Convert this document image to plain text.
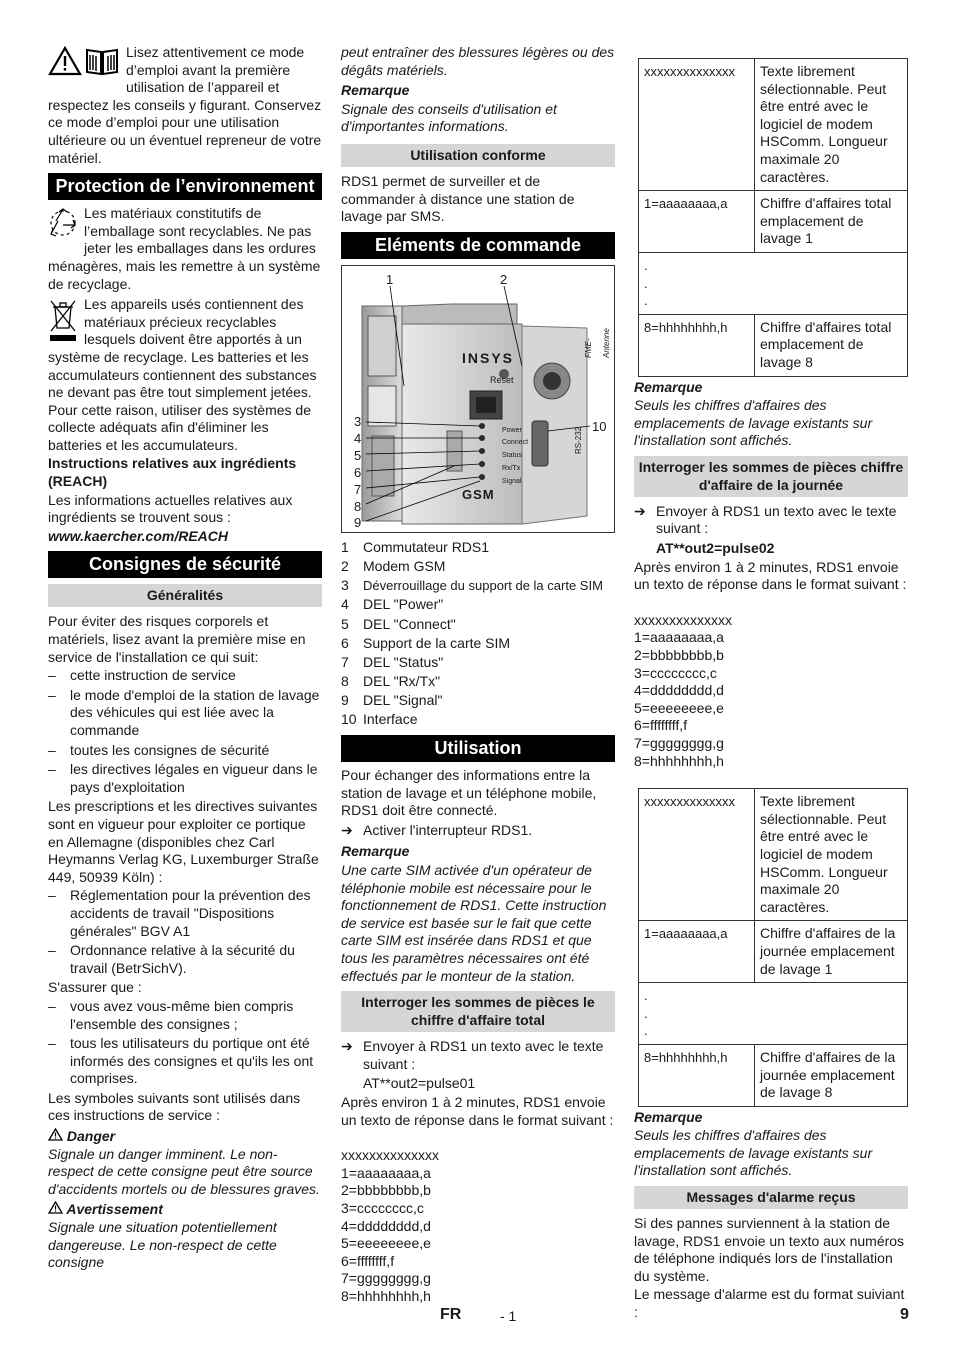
Lisez attentivement ce mode d’emploi avant la première utilisation de l’appareil et respectez les conseils y figurant. Conservez ce mode d’emploi pour une utilisation ultérieure ou un éventuel repreneur de votre matériel.

Protection de l’environnement

Les matériaux constitutifs de l’emballage sont recyclables. Ne pas jeter les emballages dans les ordures ménagères, mais les remettre à un système de recyclage.

Les appareils usés contiennent des matériaux précieux recyclables lesquels doivent être apportés à un système de recyclage. Les batteries et les accumulateurs contiennent des substances ne devant pas être tout simplement jetées. Pour cette raison, utiliser des systèmes de collecte adéquats afin d'éliminer les batteries et les accumulateurs.

Instructions relatives aux ingrédients (REACH)

Les informations actuelles relatives aux ingrédients se trouvent sous :

www.kaercher.com/REACH

Consignes de sécurité
Généralités

Pour éviter des risques corporels et matériels, lisez avant la première mise en service de l'installation ce qui suit:

– cette instruction de service
– le mode d'emploi de la station de lavage des véhicules qui est liée avec la commande
– toutes les consignes de sécurité
– les directives légales en vigueur dans le pays d'exploitation

Les prescriptions et les directives suivantes sont en vigueur pour exploiter ce portique en Allemagne (disponibles chez Carl Heymanns Verlag KG, Luxemburger Straße 449, 50939 Köln) :

– Réglementation pour la prévention des accidents de travail "Dispositions générales" BGV A1
– Ordonnance relative à la sécurité du travail (BetrSichV).

S'assurer que :

– vous avez vous-même bien compris l'ensemble des consignes ;
– tous les utilisateurs du portique ont été informés des consignes et qu'ils les ont comprises.

Les symboles suivants sont utilisés dans ces instructions de service :

Danger

Signale un danger imminent. Le non-respect de cette consigne peut être source d'accidents mortels ou de blessures graves.

Avertissement

Signale une situation potentiellement dangereuse. Le non-respect de cette consigne

peut entraîner des blessures légères ou des dégâts matériels.

Remarque

Signale des conseils d'utilisation et d'importantes informations.

Utilisation conforme

RDS1 permet de surveiller et de commander à distance une station de lavage par SMS.

Eléments de commande
1	2
3
4
5
6
7
8
9
10
INSYS
Reset
GSM
FME-Antenne
RS-232
Power
Connect
Status
Rx/Tx
Signal
1 Commutateur RDS1
2 Modem GSM
3 Déverrouillage du support de la carte SIM
4 DEL "Power"
5 DEL "Connect"
6 Support de la carte SIM
7 DEL "Status"
8 DEL "Rx/Tx"
9 DEL "Signal"
10 Interface
Utilisation

Pour échanger des informations entre la station de lavage et un téléphone mobile, RDS1 doit être connecté.

➔ Activer l'interrupteur RDS1.

Remarque

Une carte SIM activée d'un opérateur de téléphonie mobile est nécessaire pour le fonctionnement de RDS1. Cette instruction de service est basée sur le fait que cette carte SIM est insérée dans RDS1 et que tous les paramètres nécessaires ont été effectués par le monteur de la station.

Interroger les sommes de pièces le chiffre d'affaire total
➔ Envoyer à RDS1 un texto avec le texte suivant :

AT**out2=pulse01

Après environ 1 à 2 minutes, RDS1 envoie un texto de réponse dans le format suivant :

xxxxxxxxxxxxxx
1=aaaaaaaa,a
2=bbbbbbbb,b
3=cccccccc,c
4=dddddddd,d
5=eeeeeeee,e
6=ffffffff,f
7=gggggggg,g
8=hhhhhhhh,h
xxxxxxxxxxxxxx	Texte librement sélectionnable. Peut être entré avec le logiciel de modem HSComm. Longueur maximale 20 caractères.
1=aaaaaaaa,a	Chiffre d'affaires total emplacement de lavage 1
.
.
.	
8=hhhhhhhh,h	Chiffre d'affaires total emplacement de lavage 8

Remarque

Seuls les chiffres d'affaires des emplacements de lavage existants sur l'installation sont affichés.

Interroger les sommes de pièces chiffre d'affaire de la journée
➔ Envoyer à RDS1 un texto avec le texte suivant :

AT**out2=pulse02

Après environ 1 à 2 minutes, RDS1 envoie un texto de réponse dans le format suivant :

xxxxxxxxxxxxxx
1=aaaaaaaa,a
2=bbbbbbbb,b
3=cccccccc,c
4=dddddddd,d
5=eeeeeeee,e
6=ffffffff,f
7=gggggggg,g
8=hhhhhhhh,h
xxxxxxxxxxxxxx	Texte librement sélectionnable. Peut être entré avec le logiciel de modem HSComm. Longueur maximale 20 caractères.
1=aaaaaaaa,a	Chiffre d'affaires de la journée emplacement de lavage 1
.
.
.	
8=hhhhhhhh,h	Chiffre d'affaires de la journée emplacement de lavage 8

Remarque

Seuls les chiffres d'affaires des emplacements de lavage existants sur l'installation sont affichés.

Messages d'alarme reçus

Si des pannes surviennent à la station de lavage, RDS1 envoie un texto aux numéros de téléphone indiqués lors de l'installation du système.

Le message d'alarme est du format suiviant :

FR	- 1	9
